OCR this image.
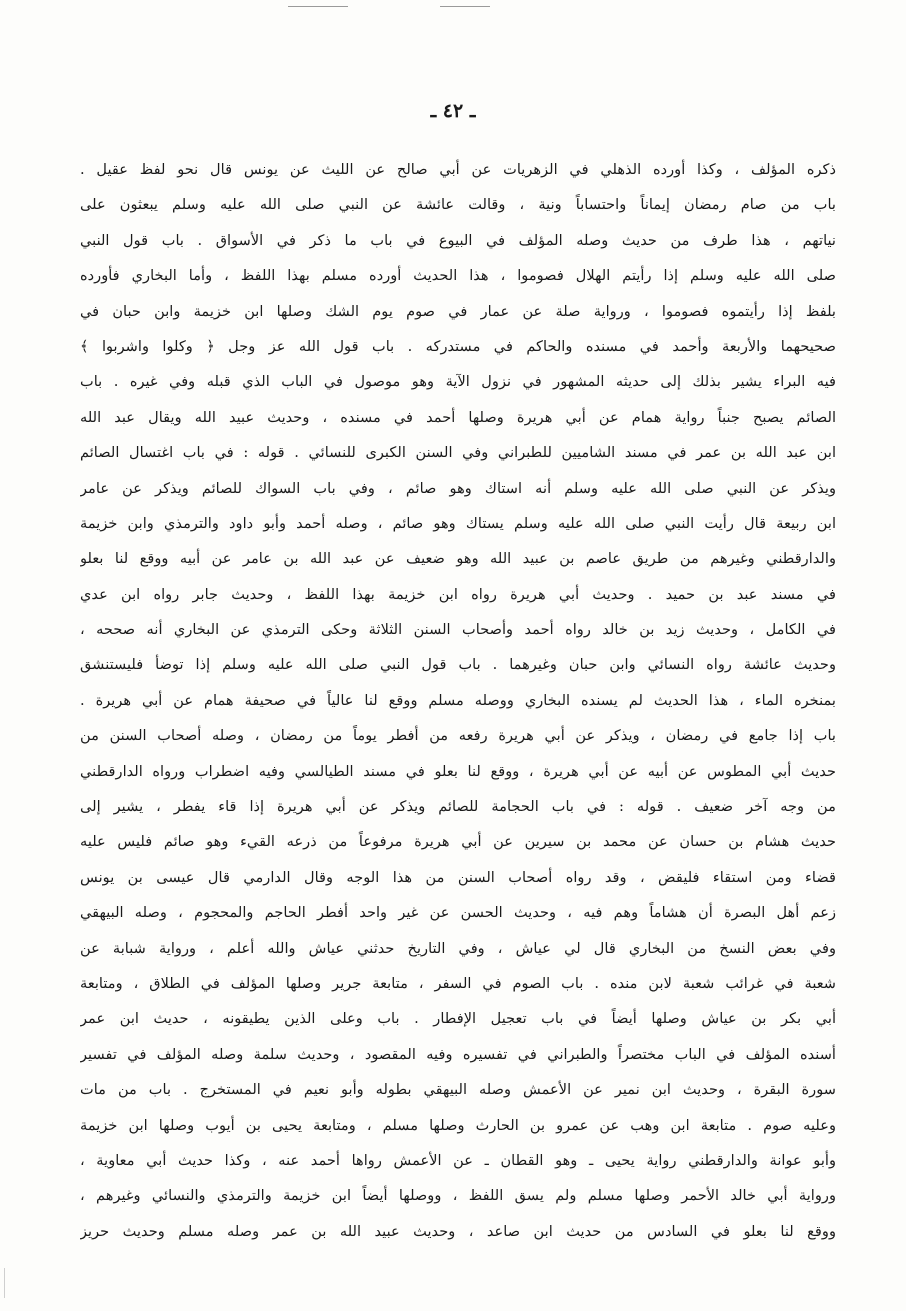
ـ ٤٢ ـ
ذكره المؤلف ، وكذا أورده الذهلي في الزهريات عن أبي صالح عن الليث عن يونس قال نحو لفظ عقيل .
باب من صام رمضان إيماناً واحتساباً ونية ، وقالت عائشة عن النبي صلى الله عليه وسلم يبعثون على
نياتهم ، هذا طرف من حديث وصله المؤلف في البيوع في باب ما ذكر في الأسواق . باب قول النبي
صلى الله عليه وسلم إذا رأيتم الهلال فصوموا ، هذا الحديث أورده مسلم بهذا اللفظ ، وأما البخاري فأورده
بلفظ إذا رأيتموه فصوموا ، ورواية صلة عن عمار في صوم يوم الشك وصلها ابن خزيمة وابن حبان في
صحيحهما والأربعة وأحمد في مسنده والحاكم في مستدركه . باب قول الله عز وجل ﴿ وكلوا واشربوا ﴾
فيه البراء يشير بذلك إلى حديثه المشهور في نزول الآية وهو موصول في الباب الذي قبله وفي غيره . باب
الصائم يصبح جنباً رواية همام عن أبي هريرة وصلها أحمد في مسنده ، وحديث عبيد الله ويقال عبد الله
ابن عبد الله بن عمر في مسند الشاميين للطبراني وفي السنن الكبرى للنسائي . قوله : في باب اغتسال الصائم
ويذكر عن النبي صلى الله عليه وسلم أنه استاك وهو صائم ، وفي باب السواك للصائم ويذكر عن عامر
ابن ربيعة قال رأيت النبي صلى الله عليه وسلم يستاك وهو صائم ، وصله أحمد وأبو داود والترمذي وابن خزيمة
والدارقطني وغيرهم من طريق عاصم بن عبيد الله وهو ضعيف عن عبد الله بن عامر عن أبيه ووقع لنا بعلو
في مسند عبد بن حميد . وحديث أبي هريرة رواه ابن خزيمة بهذا اللفظ ، وحديث جابر رواه ابن عدي
في الكامل ، وحديث زيد بن خالد رواه أحمد وأصحاب السنن الثلاثة وحكى الترمذي عن البخاري أنه صححه ،
وحديث عائشة رواه النسائي وابن حبان وغيرهما . باب قول النبي صلى الله عليه وسلم إذا توضأ فليستنشق
بمنخره الماء ، هذا الحديث لم يسنده البخاري ووصله مسلم ووقع لنا عالياً في صحيفة همام عن أبي هريرة .
باب إذا جامع في رمضان ، ويذكر عن أبي هريرة رفعه من أفطر يوماً من رمضان ، وصله أصحاب السنن من
حديث أبي المطوس عن أبيه عن أبي هريرة ، ووقع لنا بعلو في مسند الطيالسي وفيه اضطراب ورواه الدارقطني
من وجه آخر ضعيف . قوله : في باب الحجامة للصائم ويذكر عن أبي هريرة إذا قاء يفطر ، يشير إلى
حديث هشام بن حسان عن محمد بن سيرين عن أبي هريرة مرفوعاً من ذرعه القيء وهو صائم فليس عليه
قضاء ومن استقاء فليقض ، وقد رواه أصحاب السنن من هذا الوجه وقال الدارمي قال عيسى بن يونس
زعم أهل البصرة أن هشاماً وهم فيه ، وحديث الحسن عن غير واحد أفطر الحاجم والمحجوم ، وصله البيهقي
وفي بعض النسخ من البخاري قال لي عياش ، وفي التاريخ حدثني عياش والله أعلم ، ورواية شبابة عن
شعبة في غرائب شعبة لابن منده . باب الصوم في السفر ، متابعة جرير وصلها المؤلف في الطلاق ، ومتابعة
أبي بكر بن عياش وصلها أيضاً في باب تعجيل الإفطار . باب وعلى الذين يطيقونه ، حديث ابن عمر
أسنده المؤلف في الباب مختصراً والطبراني في تفسيره وفيه المقصود ، وحديث سلمة وصله المؤلف في تفسير
سورة البقرة ، وحديث ابن نمير عن الأعمش وصله البيهقي بطوله وأبو نعيم في المستخرج . باب من مات
وعليه صوم . متابعة ابن وهب عن عمرو بن الحارث وصلها مسلم ، ومتابعة يحيى بن أيوب وصلها ابن خزيمة
وأبو عوانة والدارقطني رواية يحيى ـ وهو القطان ـ عن الأعمش رواها أحمد عنه ، وكذا حديث أبي معاوية ،
ورواية أبي خالد الأحمر وصلها مسلم ولم يسق اللفظ ، ووصلها أيضاً ابن خزيمة والترمذي والنسائي وغيرهم ،
ووقع لنا بعلو في السادس من حديث ابن صاعد ، وحديث عبيد الله بن عمر وصله مسلم وحديث حريز
